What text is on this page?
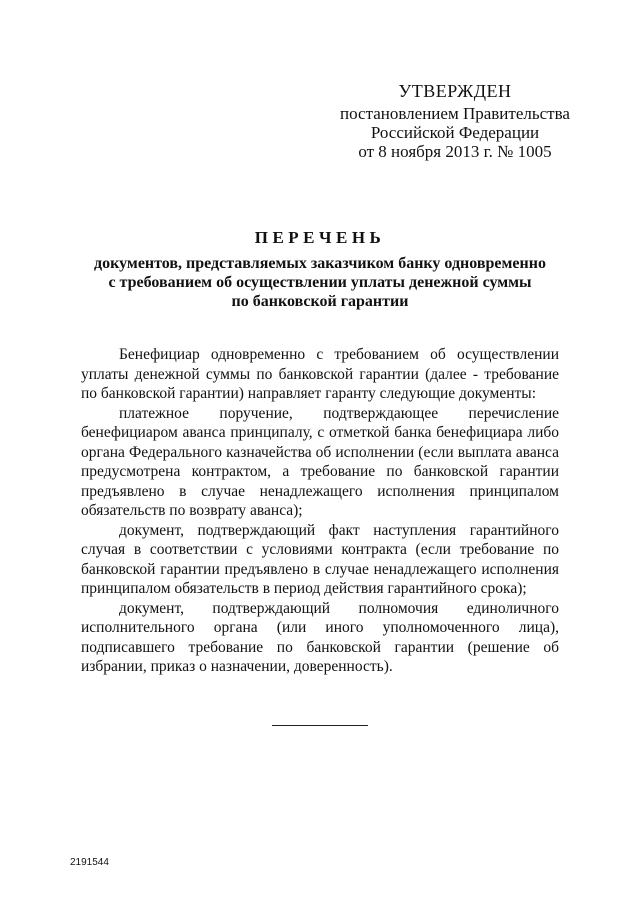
УТВЕРЖДЕН
постановлением Правительства
Российской Федерации
от 8 ноября 2013 г. № 1005
ПЕРЕЧЕНЬ
документов, представляемых заказчиком банку одновременно
с требованием об осуществлении уплаты денежной суммы
по банковской гарантии

Бенефициар одновременно с требованием об осуществлении уплаты денежной суммы по банковской гарантии (далее - требование по банковской гарантии) направляет гаранту следующие документы:

платежное поручение, подтверждающее перечисление бенефициаром аванса принципалу, с отметкой банка бенефициара либо органа Федерального казначейства об исполнении (если выплата аванса предусмотрена контрактом, а требование по банковской гарантии предъявлено в случае ненадлежащего исполнения принципалом обязательств по возврату аванса);

документ, подтверждающий факт наступления гарантийного случая в соответствии с условиями контракта (если требование по банковской гарантии предъявлено в случае ненадлежащего исполнения принципалом обязательств в период действия гарантийного срока);

документ, подтверждающий полномочия единоличного исполнительного органа (или иного уполномоченного лица), подписавшего требование по банковской гарантии (решение об избрании, приказ о назначении, доверенность).

2191544
